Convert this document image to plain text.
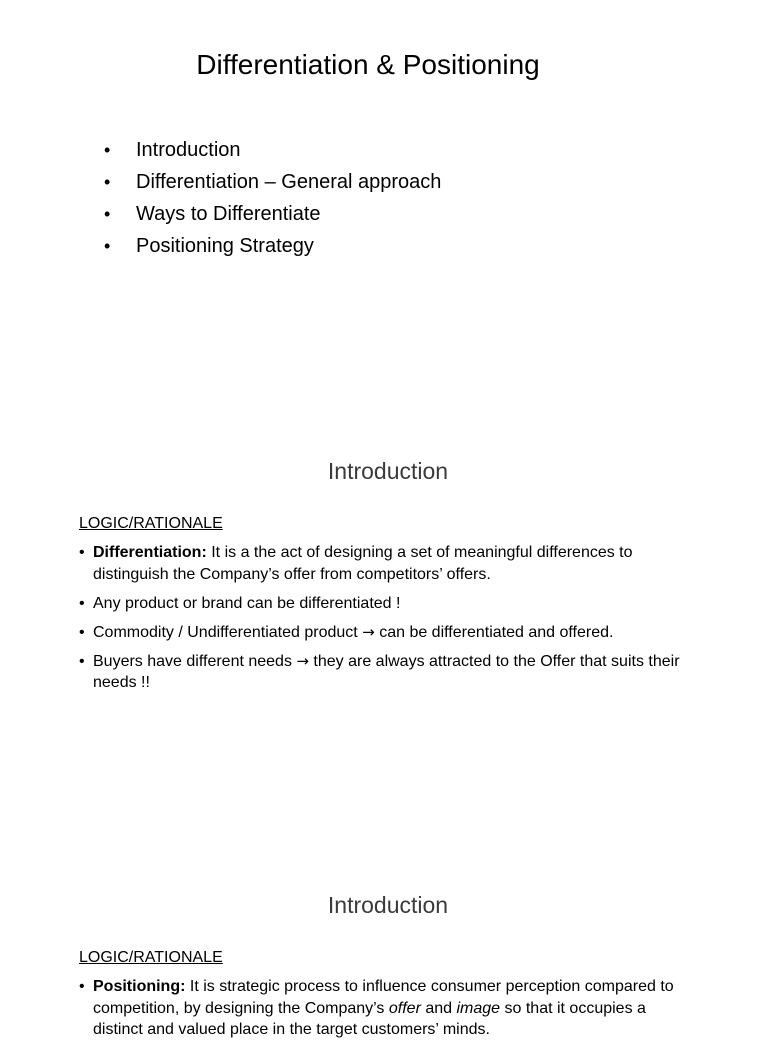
Differentiation & Positioning
• Introduction
• Differentiation – General approach
• Ways to Differentiate
• Positioning Strategy
Introduction

LOGIC/RATIONALE

• Differentiation: It is a the act of designing a set of meaningful differences to distinguish the Company’s offer from competitors’ offers.
• Any product or brand can be differentiated !
• Commodity / Undifferentiated product → can be differentiated and offered.
• Buyers have different needs → they are always attracted to the Offer that suits their needs !!
Introduction

LOGIC/RATIONALE

• Positioning: It is strategic process to influence consumer perception compared to competition, by designing the Company’s offer and image so that it occupies a distinct and valued place in the target customers’ minds.
